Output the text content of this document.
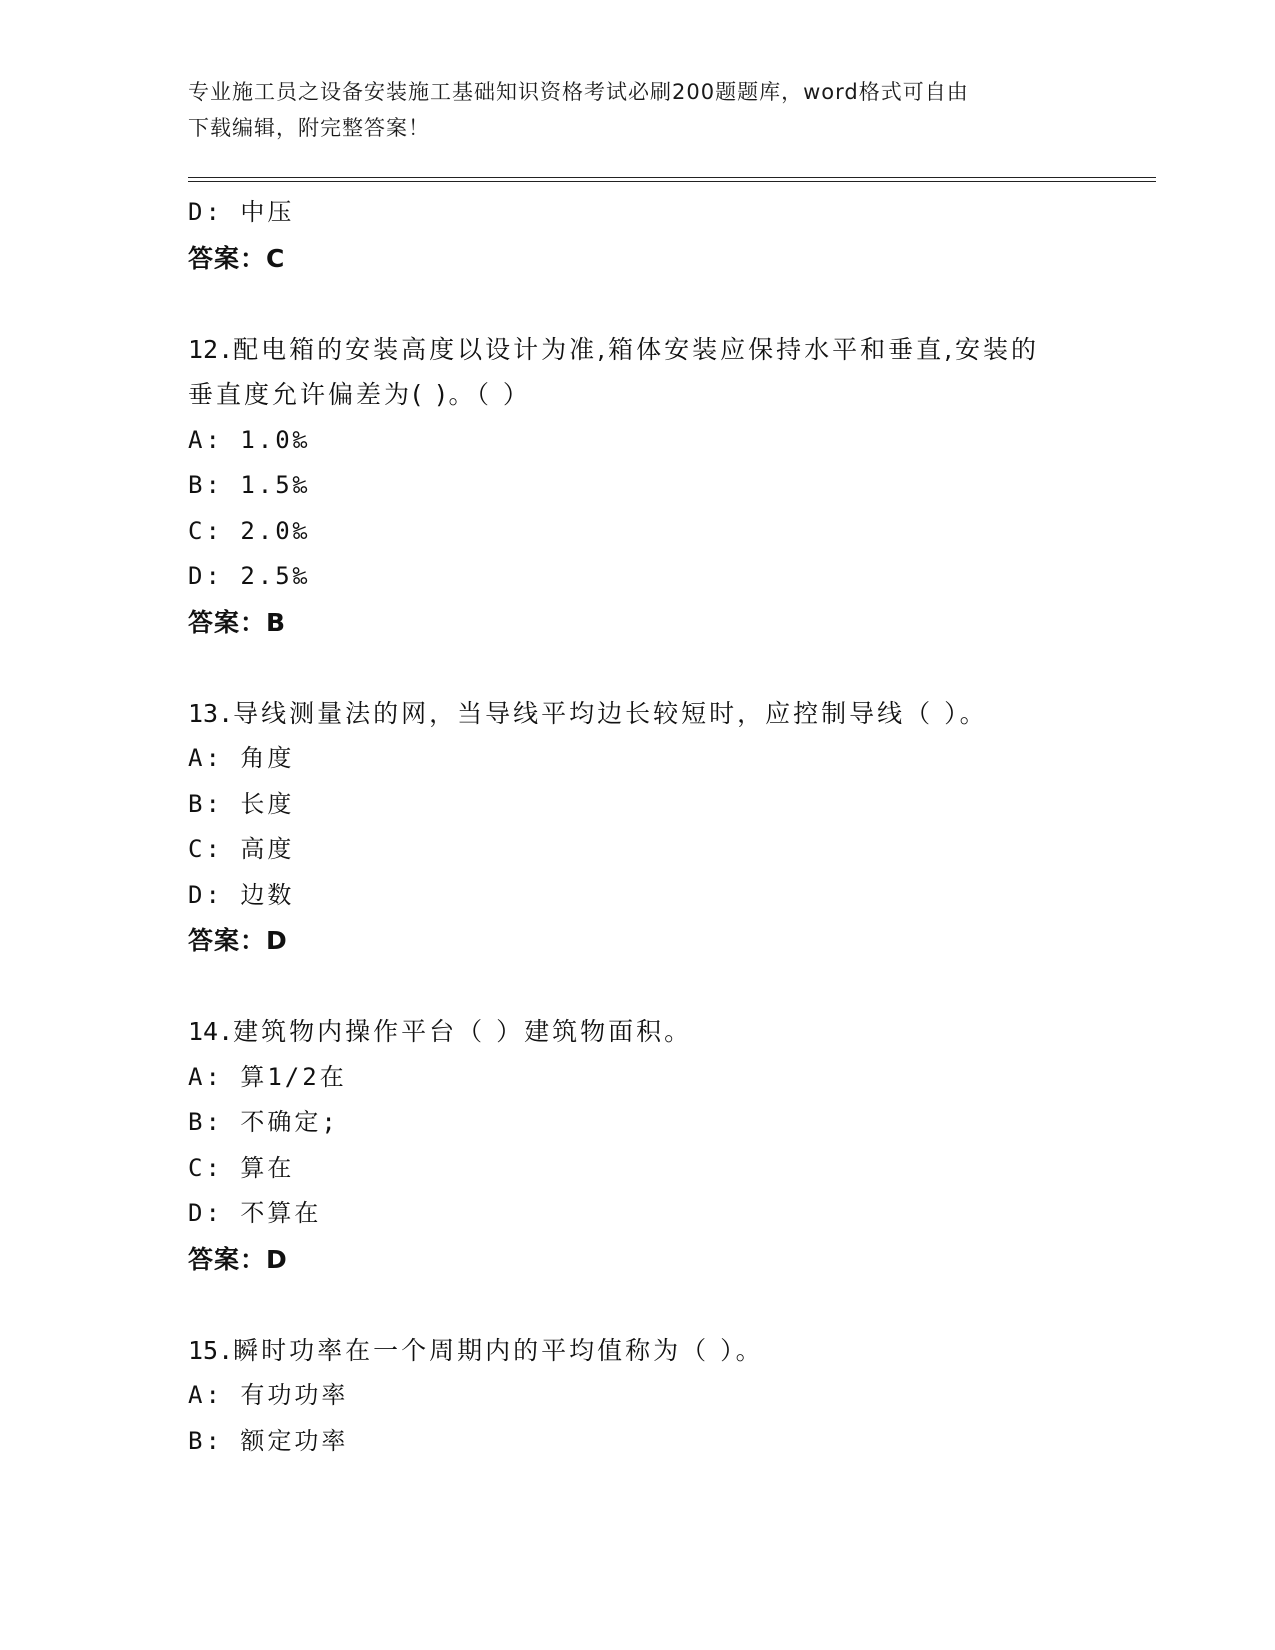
专业施工员之设备安装施工基础知识资格考试必刷200题题库，word格式可自由
下载编辑，附完整答案！
D: 中压
答案：C
12.配电箱的安装高度以设计为准,箱体安装应保持水平和垂直,安装的
垂直度允许偏差为( )。（ ）
A: 1.0‰
B: 1.5‰
C: 2.0‰
D: 2.5‰
答案：B
13.导线测量法的网，当导线平均边长较短时，应控制导线（ ）。
A: 角度
B: 长度
C: 高度
D: 边数
答案：D
14.建筑物内操作平台（ ）建筑物面积。
A: 算1/2在
B: 不确定;
C: 算在
D: 不算在
答案：D
15.瞬时功率在一个周期内的平均值称为（ ）。
A: 有功功率
B: 额定功率
